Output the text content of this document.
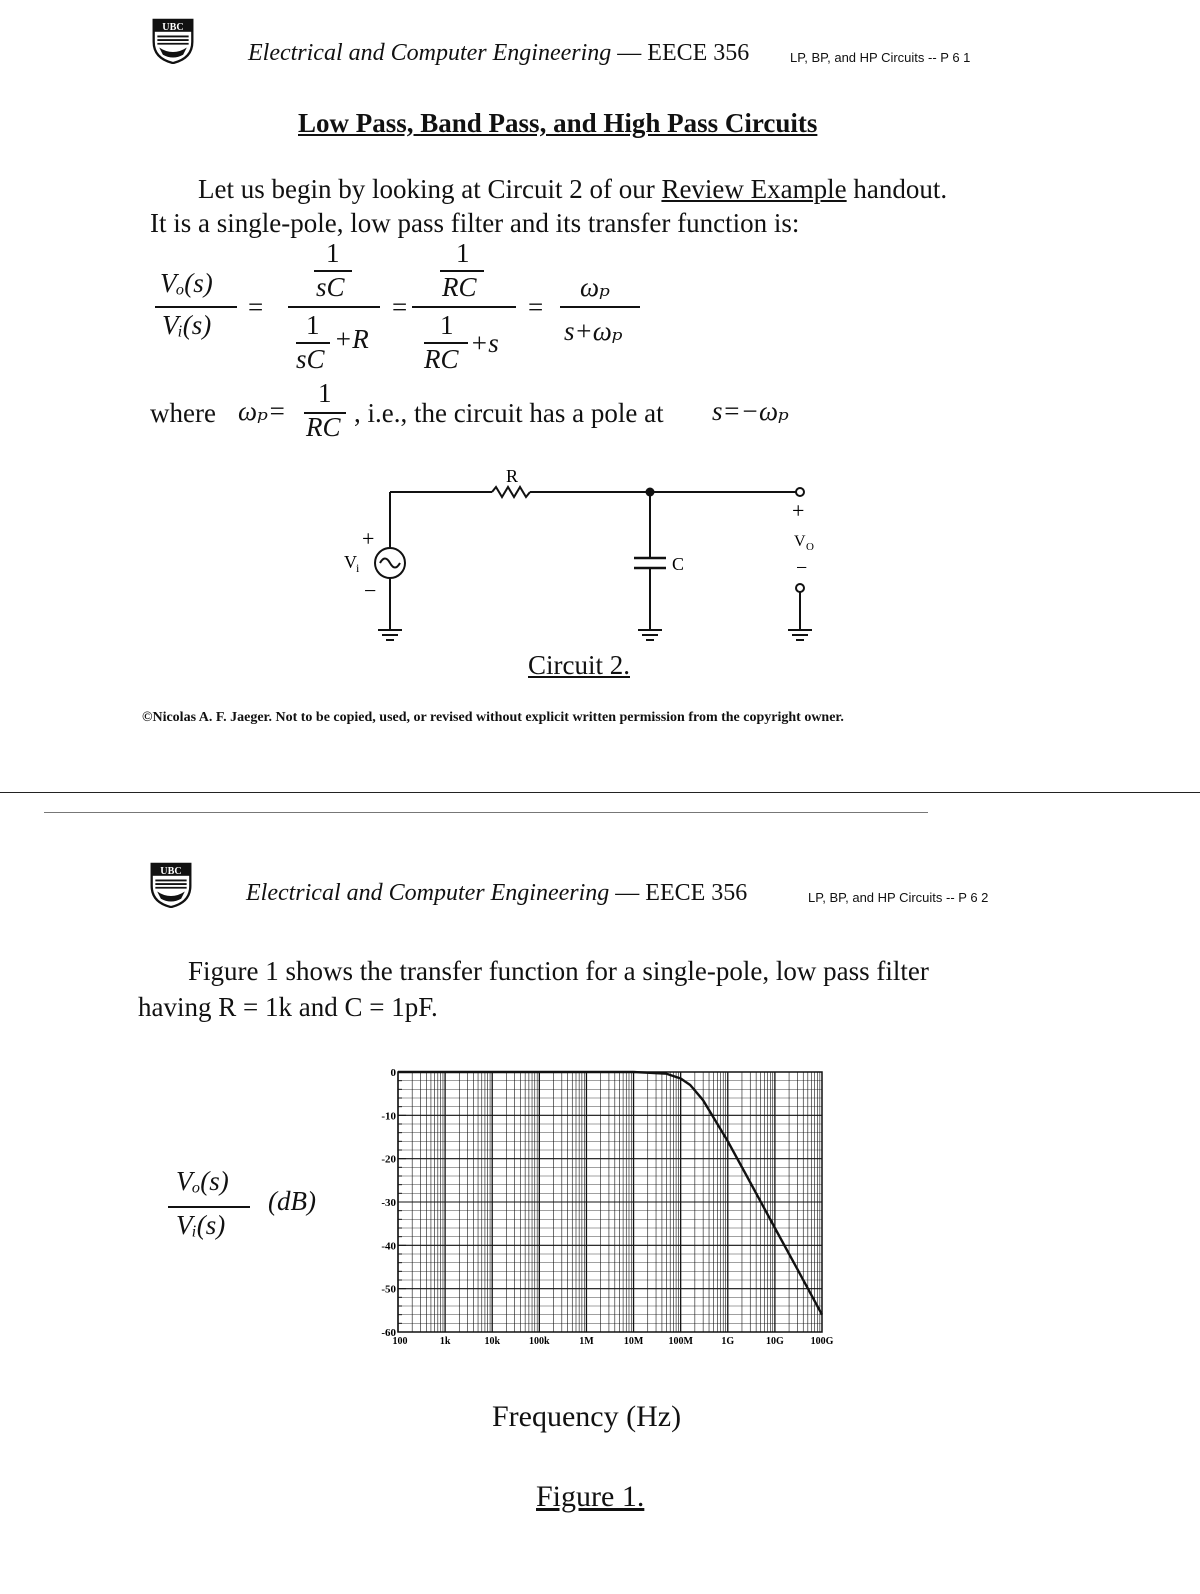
UBC
Electrical and Computer Engineering — EECE 356	LP, BP, and HP Circuits -- P 6 1
Low Pass, Band Pass, and High Pass Circuits
Let us begin by looking at Circuit 2 of our Review Example handout.
It is a single-pole, low pass filter and its transfer function is:
Vₒ(s)
Vᵢ(s)
=
1
sC
1
sC
+R
=
1
RC
1
RC
+s
=
ωₚ
s+ωₚ
where ωₚ=
1
RC , i.e., the circuit has a pole at s=−ωₚ
R
C
V i
+
−
+
V O
−
Circuit 2.
©Nicolas A. F. Jaeger. Not to be copied, used, or revised without explicit written permission from the copyright owner.
UBC
Electrical and Computer Engineering — EECE 356	LP, BP, and HP Circuits -- P 6 2
Figure 1 shows the transfer function for a single-pole, low pass filter
having R = 1k and C = 1pF.
Vₒ(s)
Vᵢ(s)
(dB)
0
-10
-20
-30
-40
-50
-60
100	1k	10k	100k	1M	10M	100M	1G	10G	100G
Frequency (Hz)
Figure 1.
